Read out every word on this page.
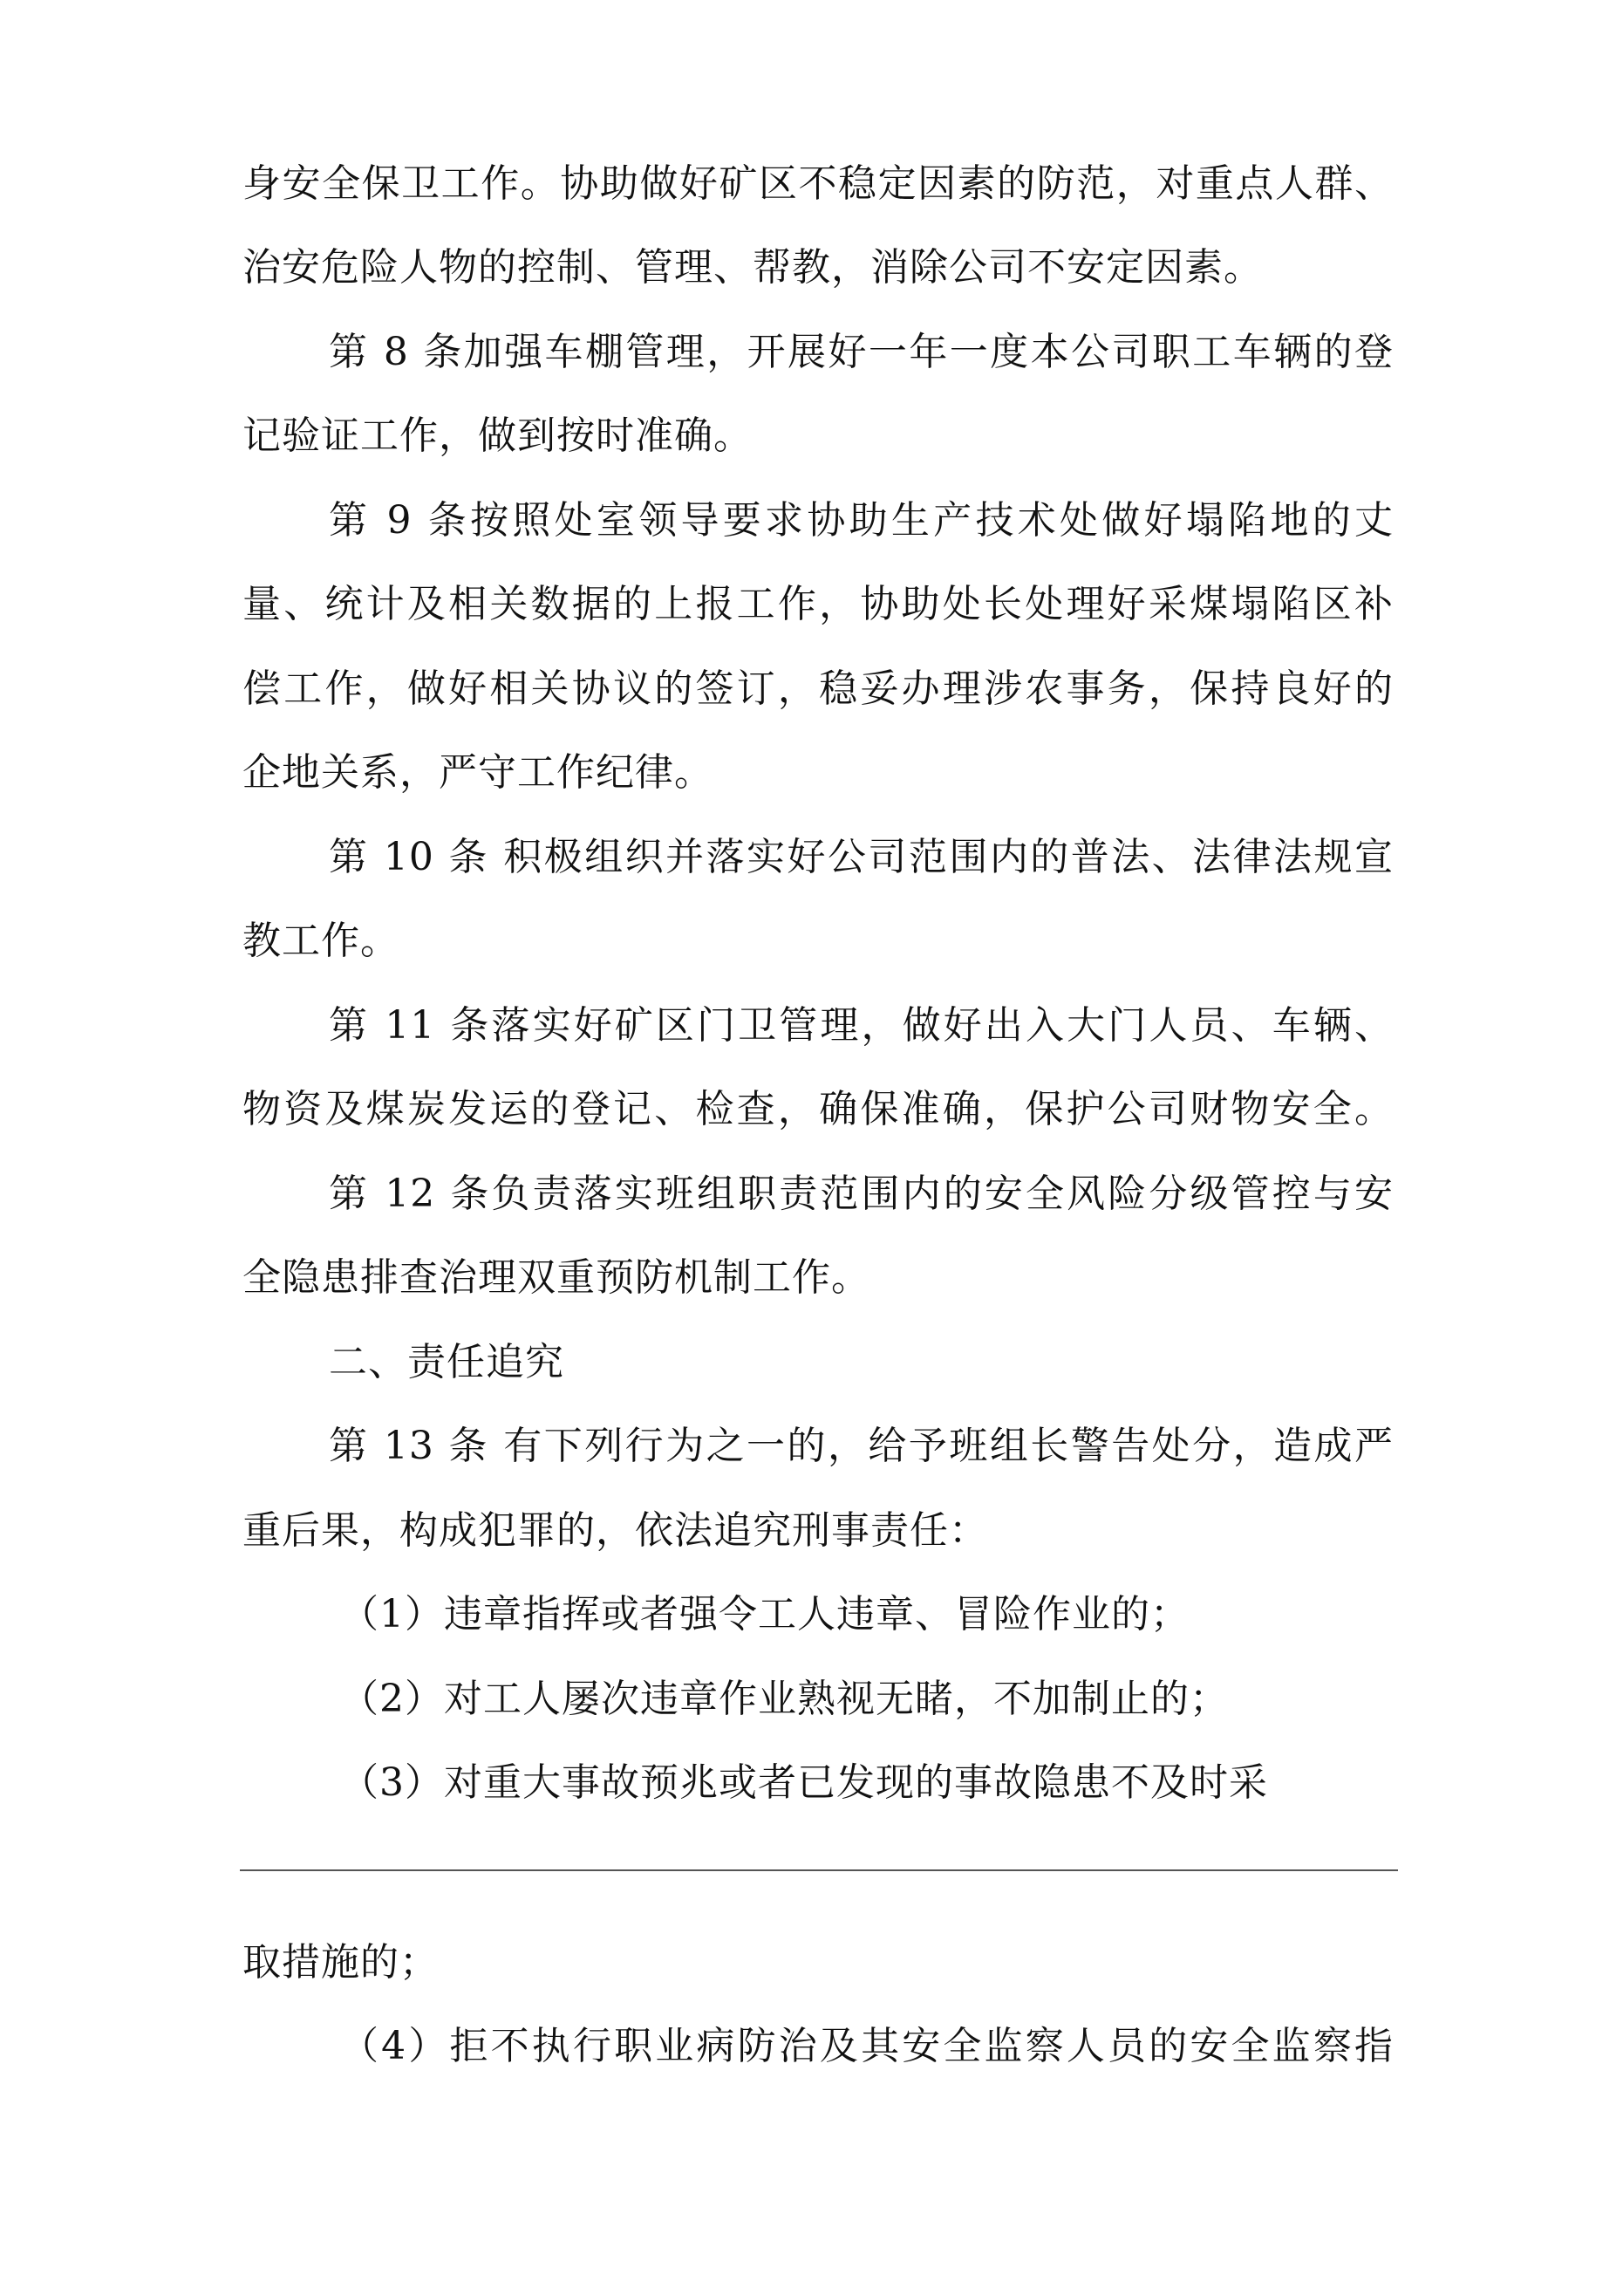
身安全保卫工作。协助做好矿区不稳定因素的防范，对重点人群、
治安危险人物的控制、管理、帮教，消除公司不安定因素。
第 8 条加强车棚管理，开展好一年一度本公司职工车辆的登
记验证工作，做到按时准确。
第 9 条按照处室领导要求协助生产技术处做好塌陷地的丈
量、统计及相关数据的上报工作，协助处长处理好采煤塌陷区补
偿工作，做好相关协议的签订，稳妥办理涉农事务，保持良好的
企地关系，严守工作纪律。
第 10 条 积极组织并落实好公司范围内的普法、法律法规宣
教工作。
第 11 条落实好矿区门卫管理，做好出入大门人员、车辆、
物资及煤炭发运的登记、检查，确保准确，保护公司财物安全。
第 12 条负责落实班组职责范围内的安全风险分级管控与安
全隐患排查治理双重预防机制工作。
二、责任追究
第 13 条 有下列行为之一的，给予班组长警告处分，造成严
重后果，构成犯罪的，依法追究刑事责任：
（1）违章指挥或者强令工人违章、冒险作业的；
（2）对工人屡次违章作业熟视无睹，不加制止的；
（3）对重大事故预兆或者已发现的事故隐患不及时采
取措施的；
（4）拒不执行职业病防治及其安全监察人员的安全监察指
